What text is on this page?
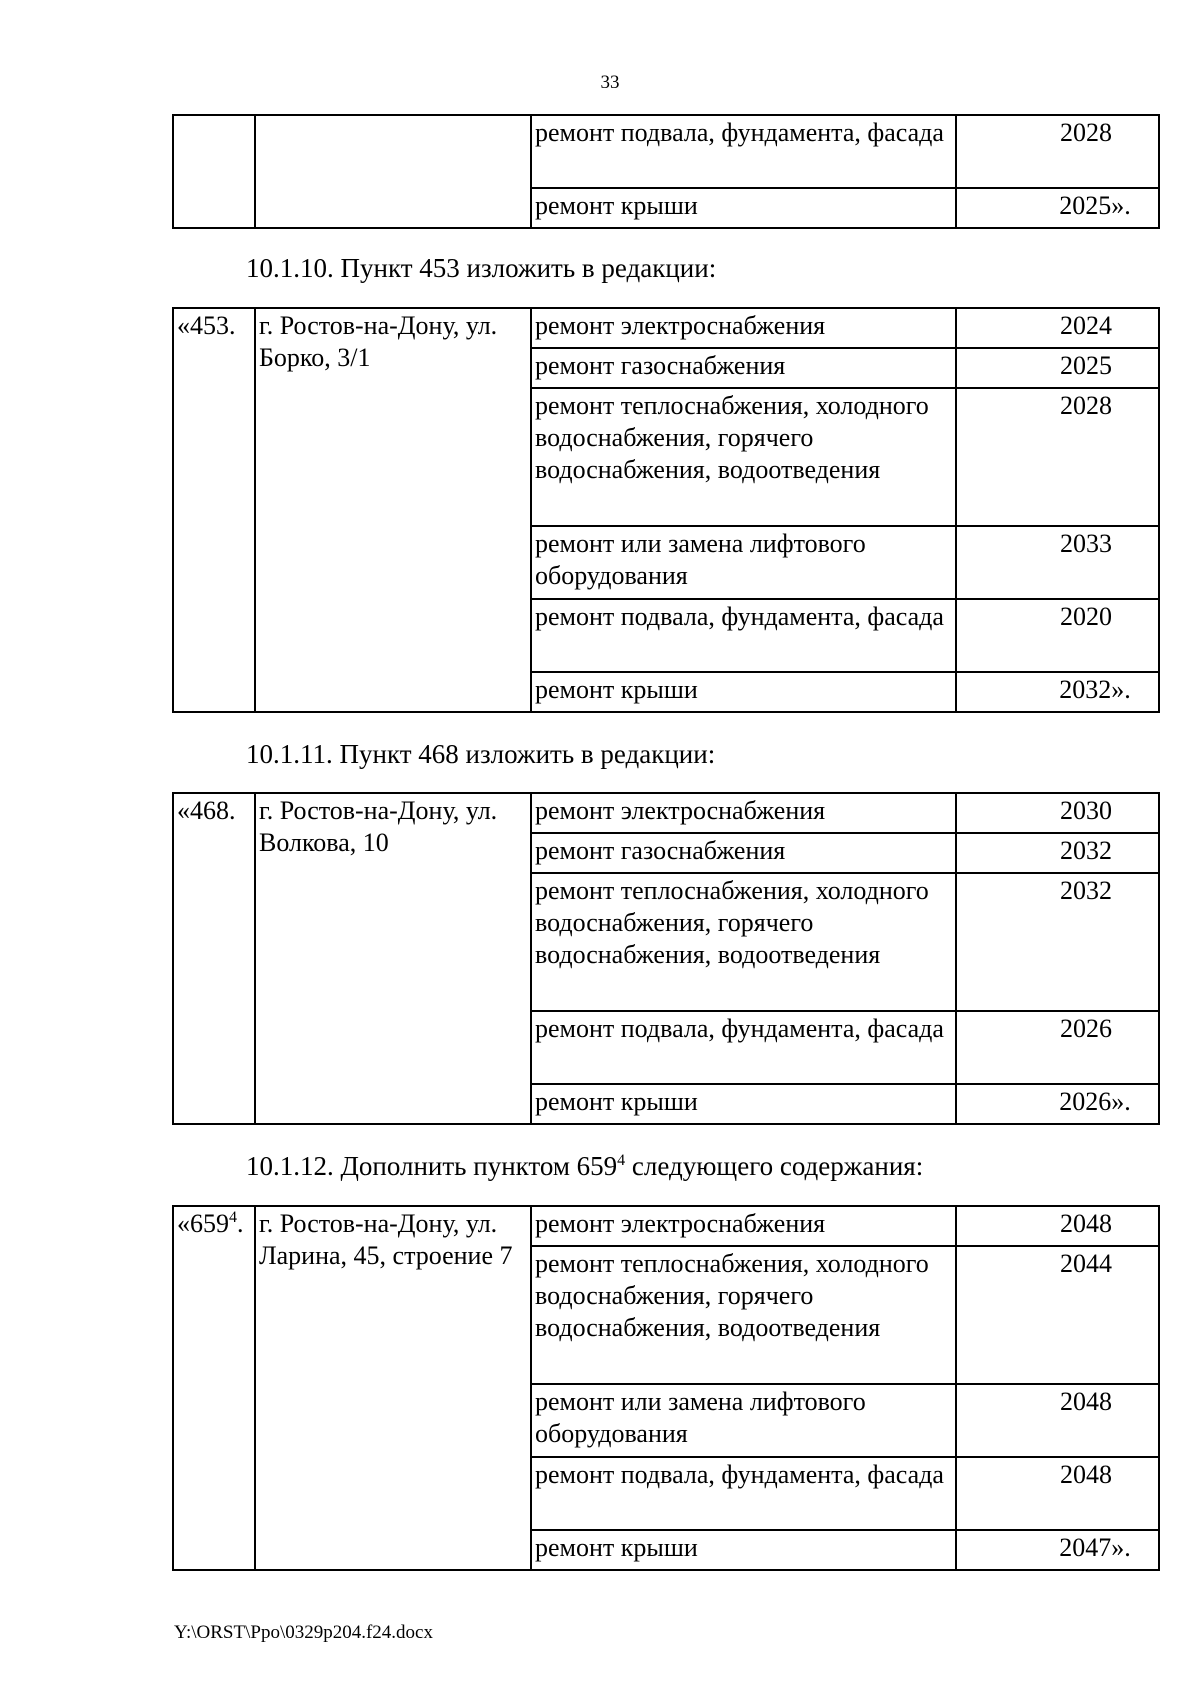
33
		ремонт подвала, фундамента, фасада	2028
		ремонт крыши	2025».
10.1.10. Пункт 453 изложить в редакции:
«453.	г. Ростов-на-Дону, ул. Борко, 3/1	ремонт электроснабжения	2024
		ремонт газоснабжения	2025
		ремонт теплоснабжения, холодного водоснабжения, горячего водоснабжения, водоотведения	2028
		ремонт или замена лифтового оборудования	2033
		ремонт подвала, фундамента, фасада	2020
		ремонт крыши	2032».
10.1.11. Пункт 468 изложить в редакции:
«468.	г. Ростов-на-Дону, ул. Волкова, 10	ремонт электроснабжения	2030
		ремонт газоснабжения	2032
		ремонт теплоснабжения, холодного водоснабжения, горячего водоснабжения, водоотведения	2032
		ремонт подвала, фундамента, фасада	2026
		ремонт крыши	2026».
10.1.12. Дополнить пунктом $659^4$ следующего содержания:
«$659^4$.	г. Ростов-на-Дону, ул. Ларина, 45, строение 7	ремонт электроснабжения	2048
		ремонт теплоснабжения, холодного водоснабжения, горячего водоснабжения, водоотведения	2044
		ремонт или замена лифтового оборудования	2048
		ремонт подвала, фундамента, фасада	2048
		ремонт крыши	2047».
Y:\ORST\Ppo\0329p204.f24.docx
